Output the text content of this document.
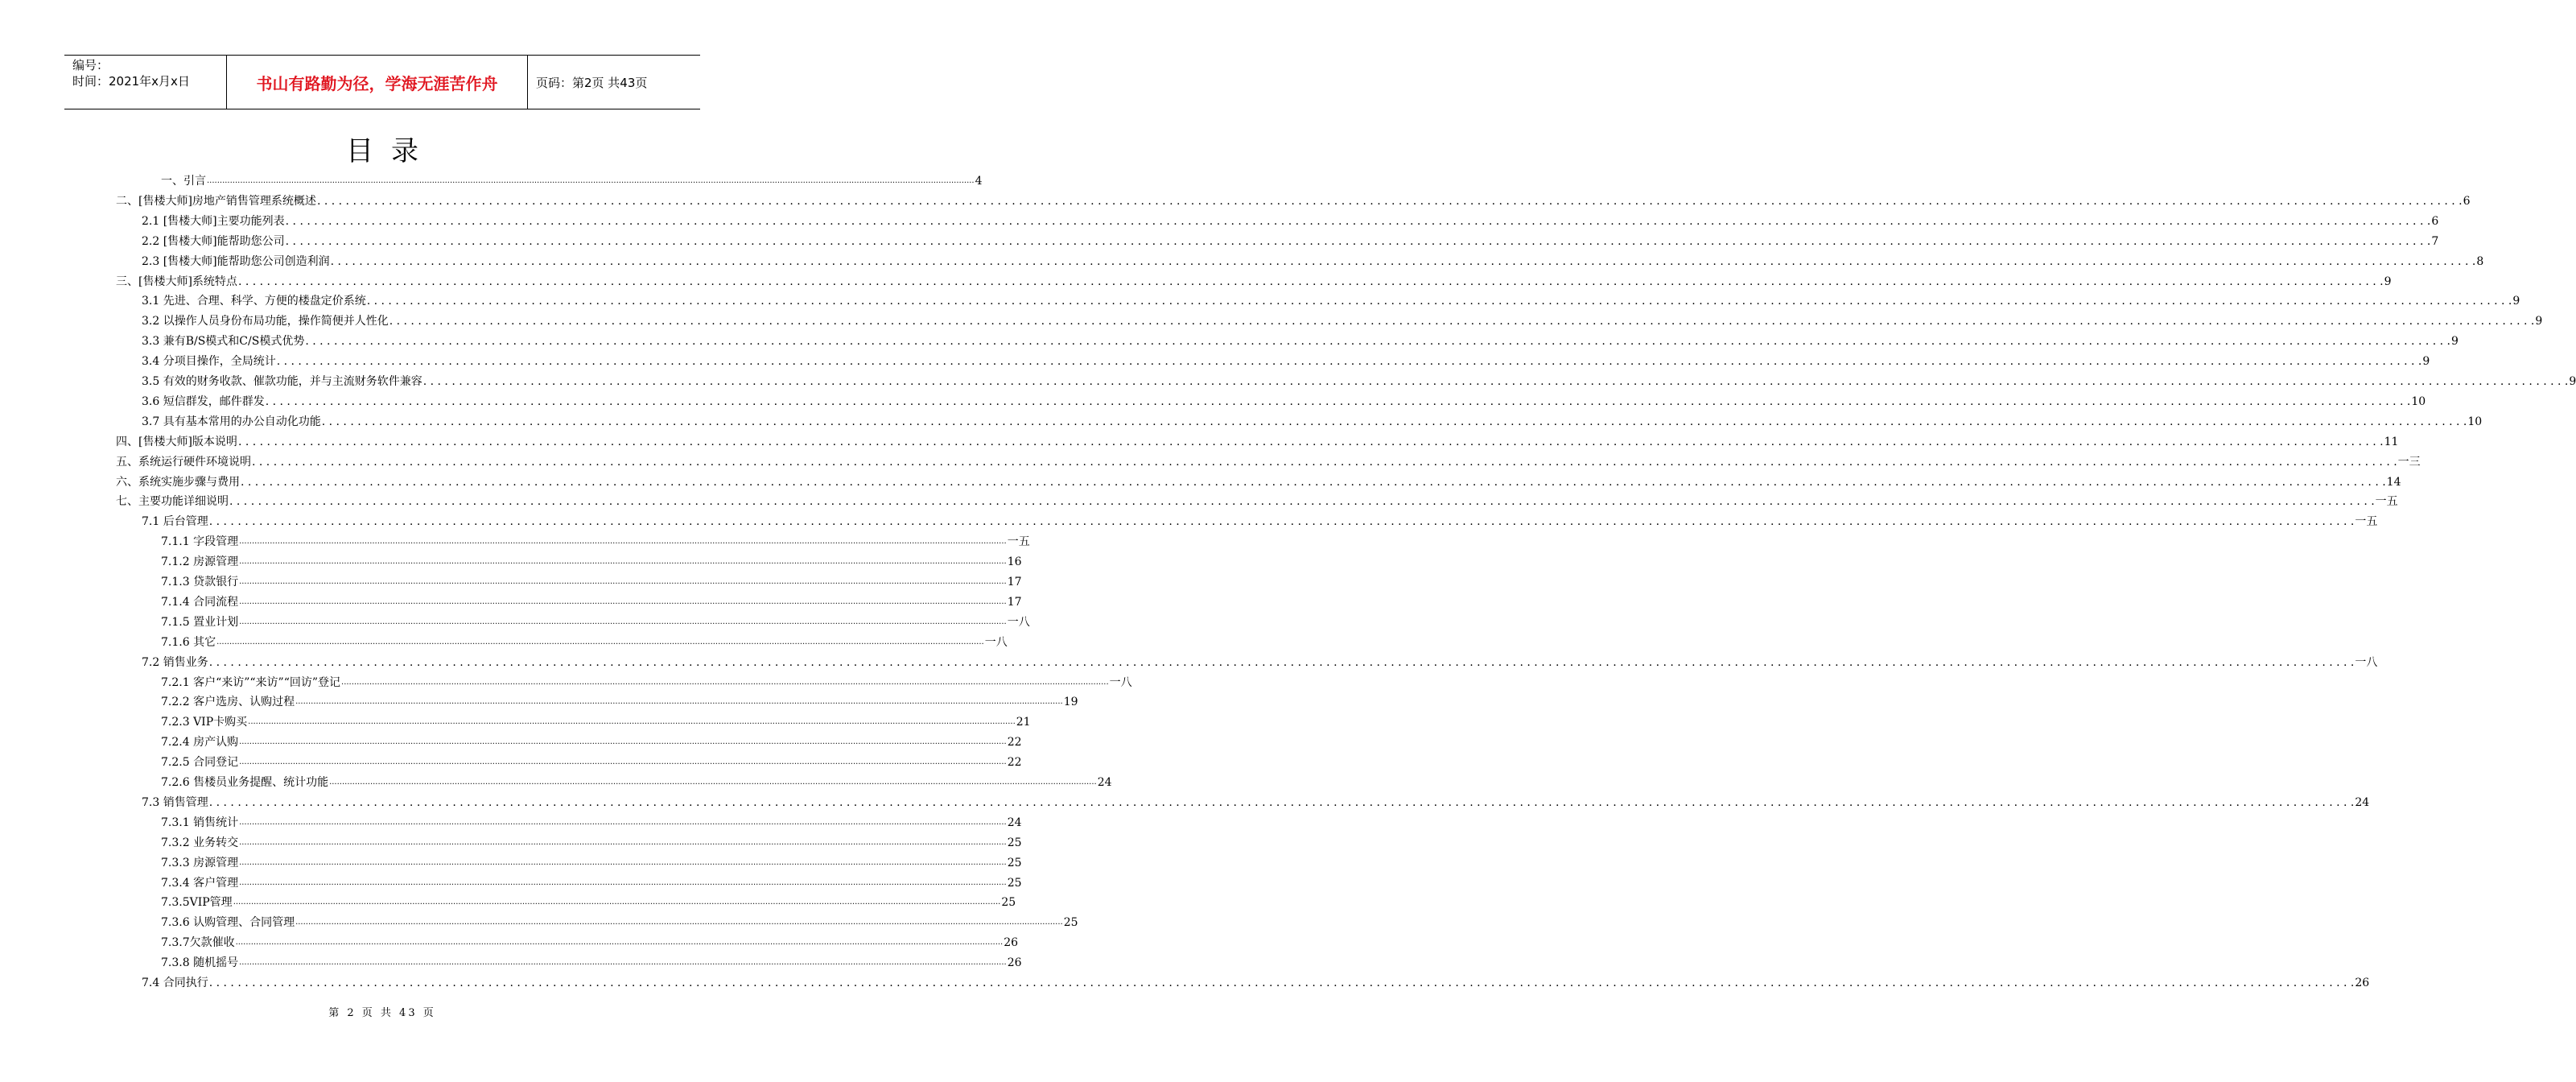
编号：
时间：2021年x月x日	书山有路勤为径，学海无涯苦作舟	页码：第2页 共43页
目录
一、引言 ............................................................................................................................................................................................................................................................................................................ 4
二、[售楼大师]房地产销售管理系统概述 . . . . . . . . . . . . . . . . . . . . . . . . . . . . . . . . . . . . . . . . . . . . . . . . . . . . . . . . . . . . . . . . . . . . . . . . . . . . . . . . . . . . . . . . . . . . . . . . . . . . . . . . . . . . . . . . . . . . . . . . . . . . . . . . . . . . . . . . . . . . . . . . . . . . . . . . . . . . . . . . . . . . . . . . . . . . . . . . . . . . . . . . . . . . . . . . . . . . . . . . . . . . . . . . . . . . . . . . . . . . . . . . . . . . . . . . . . . . . . . . . . . . . . . . . . . . . . . . . . . . . . . . . . . . . . . . . . . . . . . . . . . . . . . . . . . . . . . . . . . . 6
2.1 [售楼大师]主要功能列表 . . . . . . . . . . . . . . . . . . . . . . . . . . . . . . . . . . . . . . . . . . . . . . . . . . . . . . . . . . . . . . . . . . . . . . . . . . . . . . . . . . . . . . . . . . . . . . . . . . . . . . . . . . . . . . . . . . . . . . . . . . . . . . . . . . . . . . . . . . . . . . . . . . . . . . . . . . . . . . . . . . . . . . . . . . . . . . . . . . . . . . . . . . . . . . . . . . . . . . . . . . . . . . . . . . . . . . . . . . . . . . . . . . . . . . . . . . . . . . . . . . . . . . . . . . . . . . . . . . . . . . . . . . . . . . . . . . . . . . . . . . . . . . . . . . . . . . . . . . . . 6
2.2 [售楼大师]能帮助您公司 . . . . . . . . . . . . . . . . . . . . . . . . . . . . . . . . . . . . . . . . . . . . . . . . . . . . . . . . . . . . . . . . . . . . . . . . . . . . . . . . . . . . . . . . . . . . . . . . . . . . . . . . . . . . . . . . . . . . . . . . . . . . . . . . . . . . . . . . . . . . . . . . . . . . . . . . . . . . . . . . . . . . . . . . . . . . . . . . . . . . . . . . . . . . . . . . . . . . . . . . . . . . . . . . . . . . . . . . . . . . . . . . . . . . . . . . . . . . . . . . . . . . . . . . . . . . . . . . . . . . . . . . . . . . . . . . . . . . . . . . . . . . . . . . . . . . . . . . . . . . 7
2.3 [售楼大师]能帮助您公司创造利润 . . . . . . . . . . . . . . . . . . . . . . . . . . . . . . . . . . . . . . . . . . . . . . . . . . . . . . . . . . . . . . . . . . . . . . . . . . . . . . . . . . . . . . . . . . . . . . . . . . . . . . . . . . . . . . . . . . . . . . . . . . . . . . . . . . . . . . . . . . . . . . . . . . . . . . . . . . . . . . . . . . . . . . . . . . . . . . . . . . . . . . . . . . . . . . . . . . . . . . . . . . . . . . . . . . . . . . . . . . . . . . . . . . . . . . . . . . . . . . . . . . . . . . . . . . . . . . . . . . . . . . . . . . . . . . . . . . . . . . . . . . . . . . . . . . . . . . . . . . . . 8
三、[售楼大师]系统特点 . . . . . . . . . . . . . . . . . . . . . . . . . . . . . . . . . . . . . . . . . . . . . . . . . . . . . . . . . . . . . . . . . . . . . . . . . . . . . . . . . . . . . . . . . . . . . . . . . . . . . . . . . . . . . . . . . . . . . . . . . . . . . . . . . . . . . . . . . . . . . . . . . . . . . . . . . . . . . . . . . . . . . . . . . . . . . . . . . . . . . . . . . . . . . . . . . . . . . . . . . . . . . . . . . . . . . . . . . . . . . . . . . . . . . . . . . . . . . . . . . . . . . . . . . . . . . . . . . . . . . . . . . . . . . . . . . . . . . . . . . . . . . . . . . . . . . . . . . . . . 9
3.1 先进、合理、科学、方便的楼盘定价系统 . . . . . . . . . . . . . . . . . . . . . . . . . . . . . . . . . . . . . . . . . . . . . . . . . . . . . . . . . . . . . . . . . . . . . . . . . . . . . . . . . . . . . . . . . . . . . . . . . . . . . . . . . . . . . . . . . . . . . . . . . . . . . . . . . . . . . . . . . . . . . . . . . . . . . . . . . . . . . . . . . . . . . . . . . . . . . . . . . . . . . . . . . . . . . . . . . . . . . . . . . . . . . . . . . . . . . . . . . . . . . . . . . . . . . . . . . . . . . . . . . . . . . . . . . . . . . . . . . . . . . . . . . . . . . . . . . . . . . . . . . . . . . . . . . . . . . . . . . . . . 9
3.2 以操作人员身份布局功能，操作简便并人性化 . . . . . . . . . . . . . . . . . . . . . . . . . . . . . . . . . . . . . . . . . . . . . . . . . . . . . . . . . . . . . . . . . . . . . . . . . . . . . . . . . . . . . . . . . . . . . . . . . . . . . . . . . . . . . . . . . . . . . . . . . . . . . . . . . . . . . . . . . . . . . . . . . . . . . . . . . . . . . . . . . . . . . . . . . . . . . . . . . . . . . . . . . . . . . . . . . . . . . . . . . . . . . . . . . . . . . . . . . . . . . . . . . . . . . . . . . . . . . . . . . . . . . . . . . . . . . . . . . . . . . . . . . . . . . . . . . . . . . . . . . . . . . . . . . . . . . . . . . . . . 9
3.3 兼有B/S模式和C/S模式优势 . . . . . . . . . . . . . . . . . . . . . . . . . . . . . . . . . . . . . . . . . . . . . . . . . . . . . . . . . . . . . . . . . . . . . . . . . . . . . . . . . . . . . . . . . . . . . . . . . . . . . . . . . . . . . . . . . . . . . . . . . . . . . . . . . . . . . . . . . . . . . . . . . . . . . . . . . . . . . . . . . . . . . . . . . . . . . . . . . . . . . . . . . . . . . . . . . . . . . . . . . . . . . . . . . . . . . . . . . . . . . . . . . . . . . . . . . . . . . . . . . . . . . . . . . . . . . . . . . . . . . . . . . . . . . . . . . . . . . . . . . . . . . . . . . . . . . . . . . . . . 9
3.4 分项目操作，全局统计 . . . . . . . . . . . . . . . . . . . . . . . . . . . . . . . . . . . . . . . . . . . . . . . . . . . . . . . . . . . . . . . . . . . . . . . . . . . . . . . . . . . . . . . . . . . . . . . . . . . . . . . . . . . . . . . . . . . . . . . . . . . . . . . . . . . . . . . . . . . . . . . . . . . . . . . . . . . . . . . . . . . . . . . . . . . . . . . . . . . . . . . . . . . . . . . . . . . . . . . . . . . . . . . . . . . . . . . . . . . . . . . . . . . . . . . . . . . . . . . . . . . . . . . . . . . . . . . . . . . . . . . . . . . . . . . . . . . . . . . . . . . . . . . . . . . . . . . . . . . . 9
3.5 有效的财务收款、催款功能，并与主流财务软件兼容 . . . . . . . . . . . . . . . . . . . . . . . . . . . . . . . . . . . . . . . . . . . . . . . . . . . . . . . . . . . . . . . . . . . . . . . . . . . . . . . . . . . . . . . . . . . . . . . . . . . . . . . . . . . . . . . . . . . . . . . . . . . . . . . . . . . . . . . . . . . . . . . . . . . . . . . . . . . . . . . . . . . . . . . . . . . . . . . . . . . . . . . . . . . . . . . . . . . . . . . . . . . . . . . . . . . . . . . . . . . . . . . . . . . . . . . . . . . . . . . . . . . . . . . . . . . . . . . . . . . . . . . . . . . . . . . . . . . . . . . . . . . . . . . . . . . . . . . . . . . . 9
3.6 短信群发，邮件群发 . . . . . . . . . . . . . . . . . . . . . . . . . . . . . . . . . . . . . . . . . . . . . . . . . . . . . . . . . . . . . . . . . . . . . . . . . . . . . . . . . . . . . . . . . . . . . . . . . . . . . . . . . . . . . . . . . . . . . . . . . . . . . . . . . . . . . . . . . . . . . . . . . . . . . . . . . . . . . . . . . . . . . . . . . . . . . . . . . . . . . . . . . . . . . . . . . . . . . . . . . . . . . . . . . . . . . . . . . . . . . . . . . . . . . . . . . . . . . . . . . . . . . . . . . . . . . . . . . . . . . . . . . . . . . . . . . . . . . . . . . . . . . . . . . . . . . . . . . . . . 10
3.7 具有基本常用的办公自动化功能 . . . . . . . . . . . . . . . . . . . . . . . . . . . . . . . . . . . . . . . . . . . . . . . . . . . . . . . . . . . . . . . . . . . . . . . . . . . . . . . . . . . . . . . . . . . . . . . . . . . . . . . . . . . . . . . . . . . . . . . . . . . . . . . . . . . . . . . . . . . . . . . . . . . . . . . . . . . . . . . . . . . . . . . . . . . . . . . . . . . . . . . . . . . . . . . . . . . . . . . . . . . . . . . . . . . . . . . . . . . . . . . . . . . . . . . . . . . . . . . . . . . . . . . . . . . . . . . . . . . . . . . . . . . . . . . . . . . . . . . . . . . . . . . . . . . . . . . . . . . . 10
四、[售楼大师]版本说明 . . . . . . . . . . . . . . . . . . . . . . . . . . . . . . . . . . . . . . . . . . . . . . . . . . . . . . . . . . . . . . . . . . . . . . . . . . . . . . . . . . . . . . . . . . . . . . . . . . . . . . . . . . . . . . . . . . . . . . . . . . . . . . . . . . . . . . . . . . . . . . . . . . . . . . . . . . . . . . . . . . . . . . . . . . . . . . . . . . . . . . . . . . . . . . . . . . . . . . . . . . . . . . . . . . . . . . . . . . . . . . . . . . . . . . . . . . . . . . . . . . . . . . . . . . . . . . . . . . . . . . . . . . . . . . . . . . . . . . . . . . . . . . . . . . . . . . . . . . . . 11
五、系统运行硬件环境说明 . . . . . . . . . . . . . . . . . . . . . . . . . . . . . . . . . . . . . . . . . . . . . . . . . . . . . . . . . . . . . . . . . . . . . . . . . . . . . . . . . . . . . . . . . . . . . . . . . . . . . . . . . . . . . . . . . . . . . . . . . . . . . . . . . . . . . . . . . . . . . . . . . . . . . . . . . . . . . . . . . . . . . . . . . . . . . . . . . . . . . . . . . . . . . . . . . . . . . . . . . . . . . . . . . . . . . . . . . . . . . . . . . . . . . . . . . . . . . . . . . . . . . . . . . . . . . . . . . . . . . . . . . . . . . . . . . . . . . . . . . . . . . . . . . . . . . . . . . . . . 一三
六、系统实施步骤与费用 . . . . . . . . . . . . . . . . . . . . . . . . . . . . . . . . . . . . . . . . . . . . . . . . . . . . . . . . . . . . . . . . . . . . . . . . . . . . . . . . . . . . . . . . . . . . . . . . . . . . . . . . . . . . . . . . . . . . . . . . . . . . . . . . . . . . . . . . . . . . . . . . . . . . . . . . . . . . . . . . . . . . . . . . . . . . . . . . . . . . . . . . . . . . . . . . . . . . . . . . . . . . . . . . . . . . . . . . . . . . . . . . . . . . . . . . . . . . . . . . . . . . . . . . . . . . . . . . . . . . . . . . . . . . . . . . . . . . . . . . . . . . . . . . . . . . . . . . . . . . 14
七、主要功能详细说明 . . . . . . . . . . . . . . . . . . . . . . . . . . . . . . . . . . . . . . . . . . . . . . . . . . . . . . . . . . . . . . . . . . . . . . . . . . . . . . . . . . . . . . . . . . . . . . . . . . . . . . . . . . . . . . . . . . . . . . . . . . . . . . . . . . . . . . . . . . . . . . . . . . . . . . . . . . . . . . . . . . . . . . . . . . . . . . . . . . . . . . . . . . . . . . . . . . . . . . . . . . . . . . . . . . . . . . . . . . . . . . . . . . . . . . . . . . . . . . . . . . . . . . . . . . . . . . . . . . . . . . . . . . . . . . . . . . . . . . . . . . . . . . . . . . . . . . . . . . . . 一五
7.1 后台管理 . . . . . . . . . . . . . . . . . . . . . . . . . . . . . . . . . . . . . . . . . . . . . . . . . . . . . . . . . . . . . . . . . . . . . . . . . . . . . . . . . . . . . . . . . . . . . . . . . . . . . . . . . . . . . . . . . . . . . . . . . . . . . . . . . . . . . . . . . . . . . . . . . . . . . . . . . . . . . . . . . . . . . . . . . . . . . . . . . . . . . . . . . . . . . . . . . . . . . . . . . . . . . . . . . . . . . . . . . . . . . . . . . . . . . . . . . . . . . . . . . . . . . . . . . . . . . . . . . . . . . . . . . . . . . . . . . . . . . . . . . . . . . . . . . . . . . . . . . . . . 一五
7.1.1 字段管理 ............................................................................................................................................................................................................................................................................................................ 一五
7.1.2 房源管理 ............................................................................................................................................................................................................................................................................................................ 16
7.1.3 贷款银行 ............................................................................................................................................................................................................................................................................................................ 17
7.1.4 合同流程 ............................................................................................................................................................................................................................................................................................................ 17
7.1.5 置业计划 ............................................................................................................................................................................................................................................................................................................ 一八
7.1.6 其它 ............................................................................................................................................................................................................................................................................................................ 一八
7.2 销售业务 . . . . . . . . . . . . . . . . . . . . . . . . . . . . . . . . . . . . . . . . . . . . . . . . . . . . . . . . . . . . . . . . . . . . . . . . . . . . . . . . . . . . . . . . . . . . . . . . . . . . . . . . . . . . . . . . . . . . . . . . . . . . . . . . . . . . . . . . . . . . . . . . . . . . . . . . . . . . . . . . . . . . . . . . . . . . . . . . . . . . . . . . . . . . . . . . . . . . . . . . . . . . . . . . . . . . . . . . . . . . . . . . . . . . . . . . . . . . . . . . . . . . . . . . . . . . . . . . . . . . . . . . . . . . . . . . . . . . . . . . . . . . . . . . . . . . . . . . . . . . 一八
7.2.1 客户“来访”“来访”“回访”登记 ............................................................................................................................................................................................................................................................................................................ 一八
7.2.2 客户选房、认购过程 ............................................................................................................................................................................................................................................................................................................ 19
7.2.3 VIP卡购买 ............................................................................................................................................................................................................................................................................................................ 21
7.2.4 房产认购 ............................................................................................................................................................................................................................................................................................................ 22
7.2.5 合同登记 ............................................................................................................................................................................................................................................................................................................ 22
7.2.6 售楼员业务提醒、统计功能 ............................................................................................................................................................................................................................................................................................................ 24
7.3 销售管理 . . . . . . . . . . . . . . . . . . . . . . . . . . . . . . . . . . . . . . . . . . . . . . . . . . . . . . . . . . . . . . . . . . . . . . . . . . . . . . . . . . . . . . . . . . . . . . . . . . . . . . . . . . . . . . . . . . . . . . . . . . . . . . . . . . . . . . . . . . . . . . . . . . . . . . . . . . . . . . . . . . . . . . . . . . . . . . . . . . . . . . . . . . . . . . . . . . . . . . . . . . . . . . . . . . . . . . . . . . . . . . . . . . . . . . . . . . . . . . . . . . . . . . . . . . . . . . . . . . . . . . . . . . . . . . . . . . . . . . . . . . . . . . . . . . . . . . . . . . . . 24
7.3.1 销售统计 ............................................................................................................................................................................................................................................................................................................ 24
7.3.2 业务转交 ............................................................................................................................................................................................................................................................................................................ 25
7.3.3 房源管理 ............................................................................................................................................................................................................................................................................................................ 25
7.3.4 客户管理 ............................................................................................................................................................................................................................................................................................................ 25
7.3.5VIP管理 ............................................................................................................................................................................................................................................................................................................ 25
7.3.6 认购管理、合同管理 ............................................................................................................................................................................................................................................................................................................ 25
7.3.7欠款催收 ............................................................................................................................................................................................................................................................................................................ 26
7.3.8 随机摇号 ............................................................................................................................................................................................................................................................................................................ 26
7.4 合同执行 . . . . . . . . . . . . . . . . . . . . . . . . . . . . . . . . . . . . . . . . . . . . . . . . . . . . . . . . . . . . . . . . . . . . . . . . . . . . . . . . . . . . . . . . . . . . . . . . . . . . . . . . . . . . . . . . . . . . . . . . . . . . . . . . . . . . . . . . . . . . . . . . . . . . . . . . . . . . . . . . . . . . . . . . . . . . . . . . . . . . . . . . . . . . . . . . . . . . . . . . . . . . . . . . . . . . . . . . . . . . . . . . . . . . . . . . . . . . . . . . . . . . . . . . . . . . . . . . . . . . . . . . . . . . . . . . . . . . . . . . . . . . . . . . . . . . . . . . . . . . 26
第 2 页 共 43 页
